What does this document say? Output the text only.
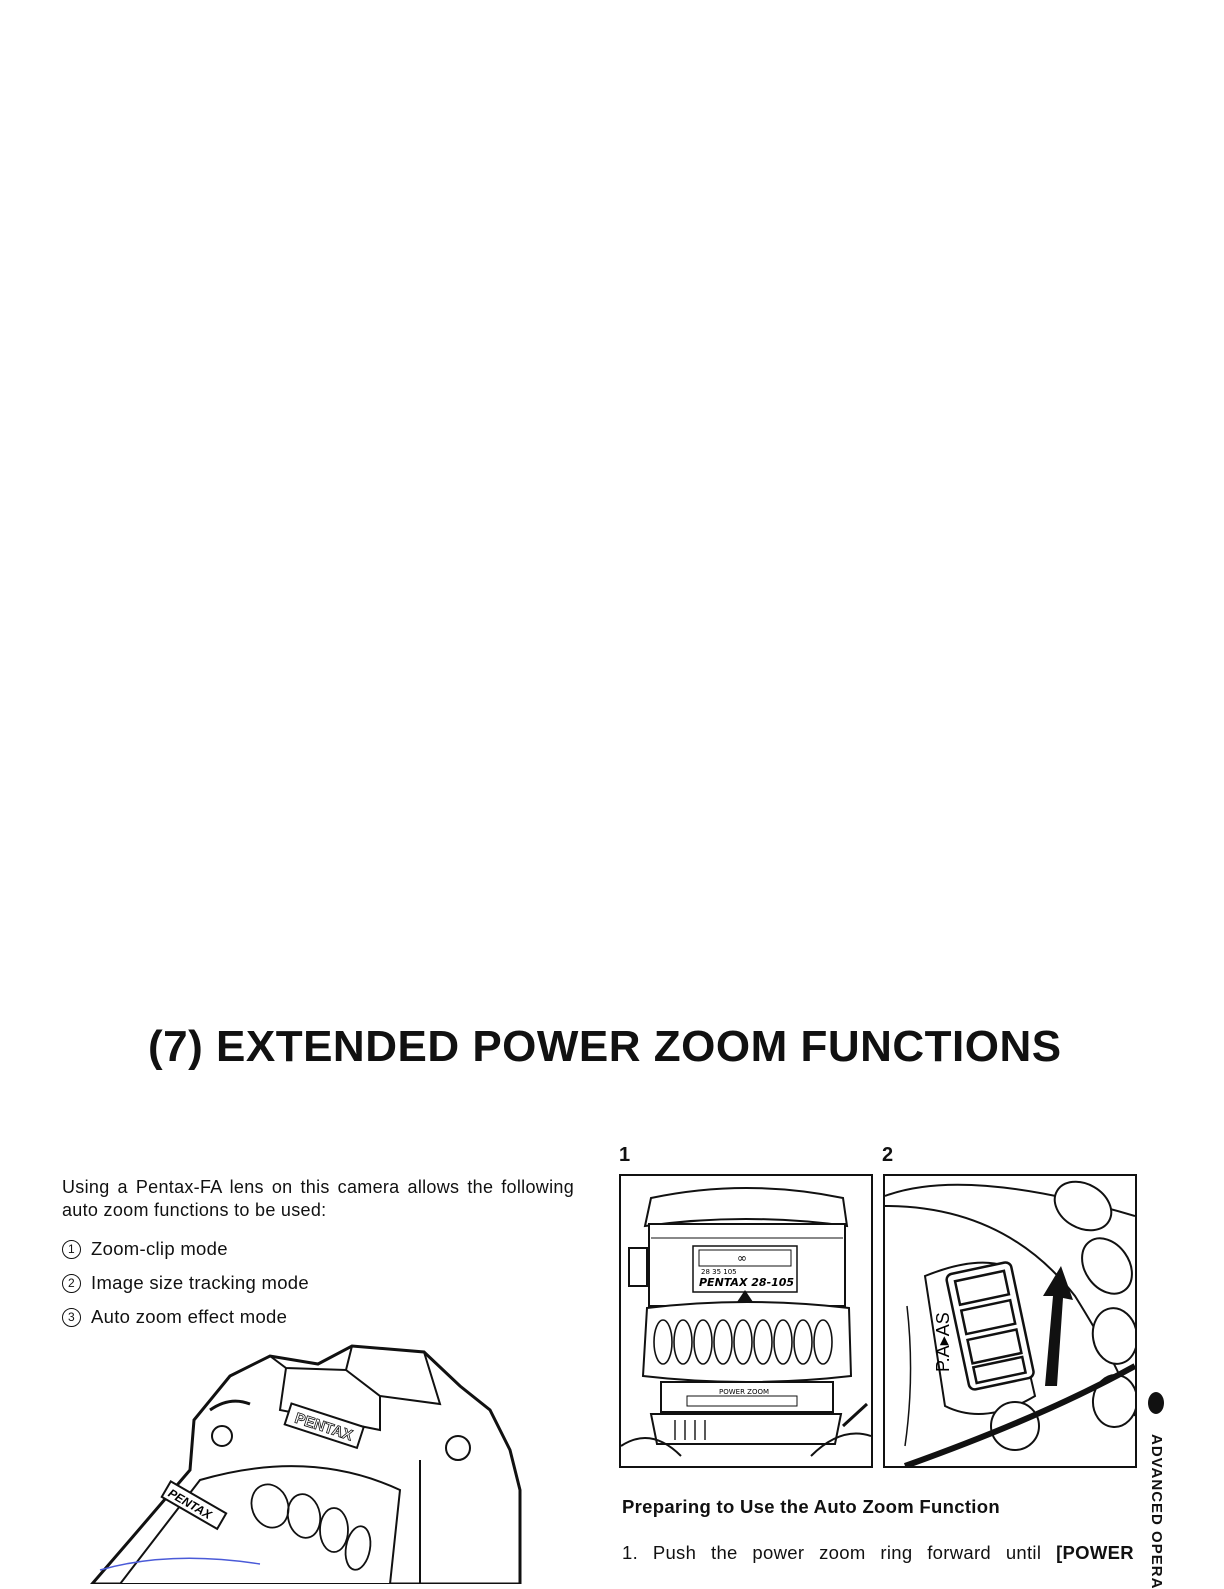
(7) EXTENDED POWER ZOOM FUNCTIONS
Using a Pentax-FA lens on this camera allows the following auto zoom functions to be used:
1 Zoom-clip mode
2 Image size tracking mode
3 Auto zoom effect mode
1	2
∞
28 35 105
PENTAX 28-105
POWER ZOOM
P.A▸AS
PENTAX
PENTAX	Preparing to Use the Auto Zoom Function
1. Push the power zoom ring forward until [POWER ADVANCED OPERA
